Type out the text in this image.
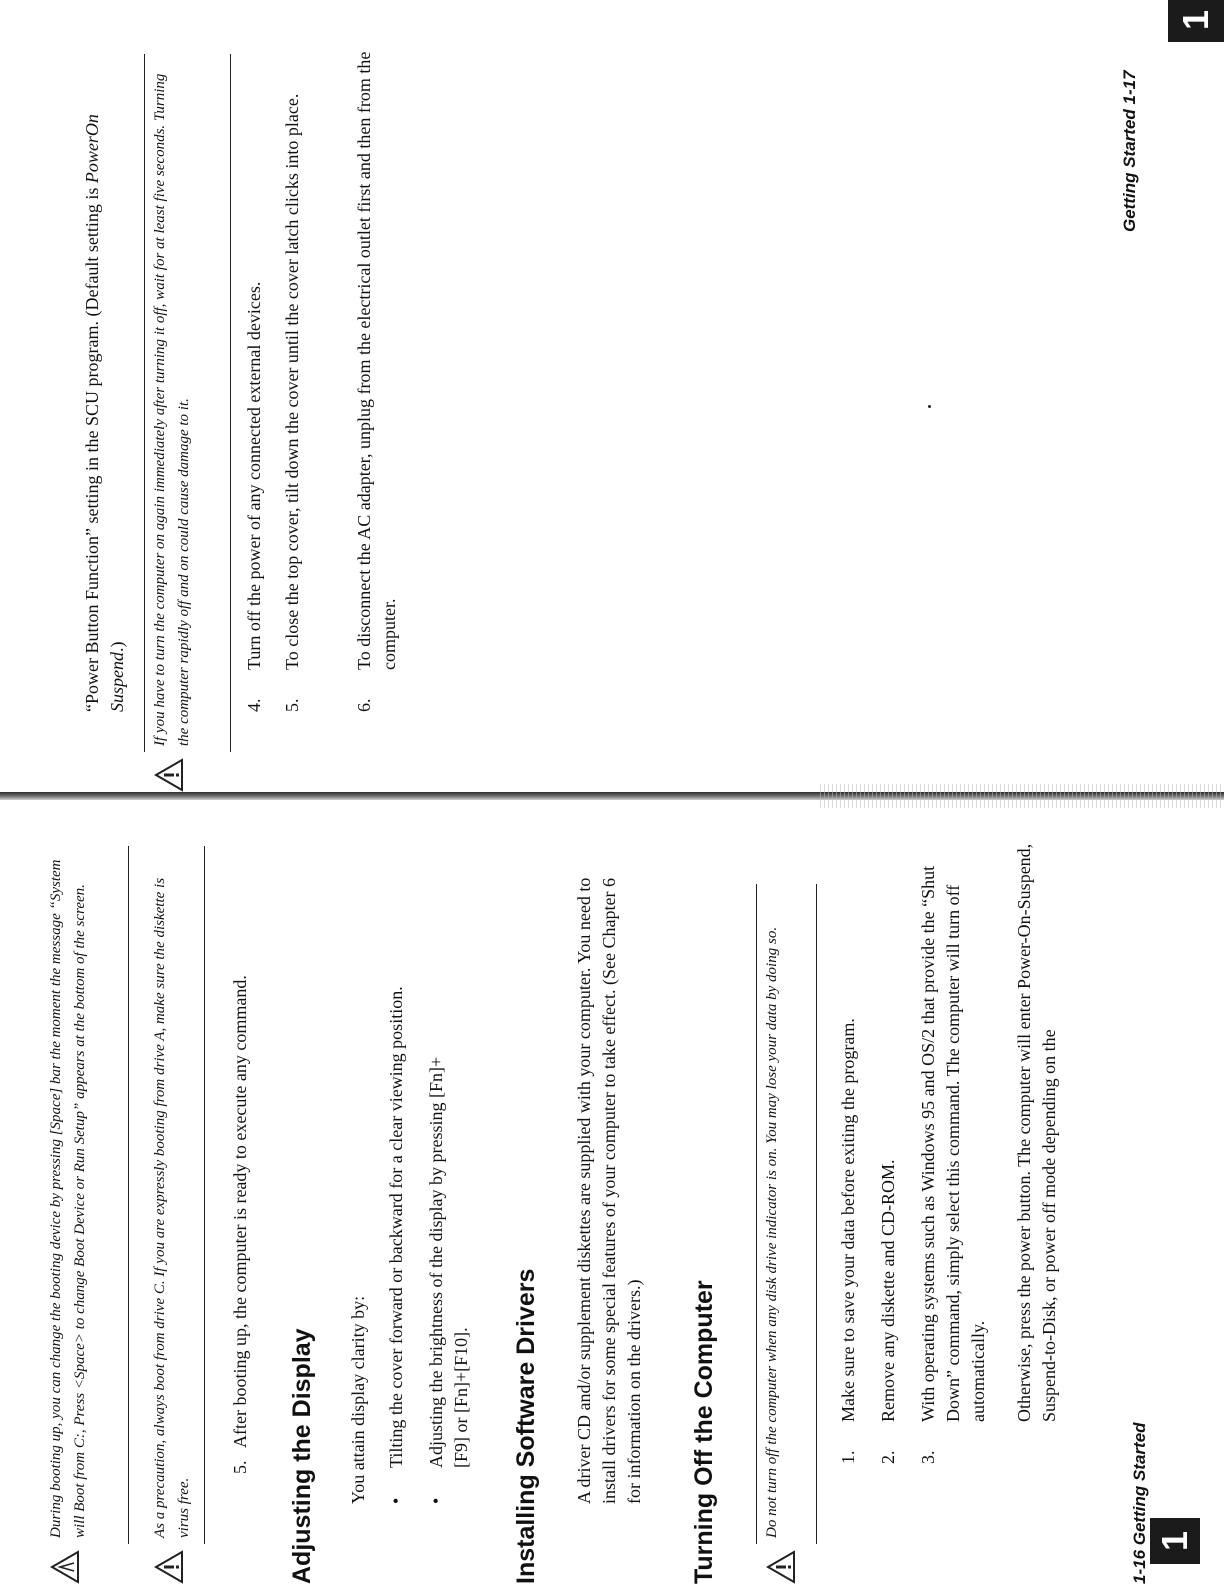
1
During booting up, you can change the booting device by pressing [Space] bar the moment the message “System will Boot from C:, Press <Space> to change Boot Device or Run Setup” appears at the bottom of the screen.	As a precaution, always boot from drive C. If you are expressly booting from drive A, make sure the diskette is virus free.
5.
After booting up, the computer is ready to execute any command.
Adjusting the Display You attain display clarity by: •
Tilting the cover forward or backward for a clear viewing position.
•
Adjusting the brightness of the display by pressing [Fn]+[F9] or [Fn]+[F10]. Installing Software Drivers A driver CD and/or supplement diskettes are supplied with your computer. You need to install drivers for some special features of your computer to take effect. (See Chapter 6 for information on the drivers.) Turning Off the Computer	Do not turn off the computer when any disk drive indicator is on. You may lose your data by doing so.	1.
Make sure to save your data before exiting the program.
2.
Remove any diskette and CD-ROM.
3.
With operating systems such as Windows 95 and OS/2 that provide the “Shut Down” command, simply select this command. The computer will turn off automatically. Otherwise, press the power button. The computer will enter Power-On-Suspend, Suspend-to-Disk, or power off mode depending on the
1-16 Getting Started
1
“Power Button Function” setting in the SCU program. (Default setting is PowerOn Suspend.) If you have to turn the computer on again immediately after turning it off, wait for at least five seconds. Turning the computer rapidly off and on could cause damage to it.	4.
Turn off the power of any connected external devices.
5.
To close the top cover, tilt down the cover until the cover latch clicks into place.
6.
To disconnect the AC adapter, unplug from the electrical outlet first and then from the computer.
Getting Started 1-17
